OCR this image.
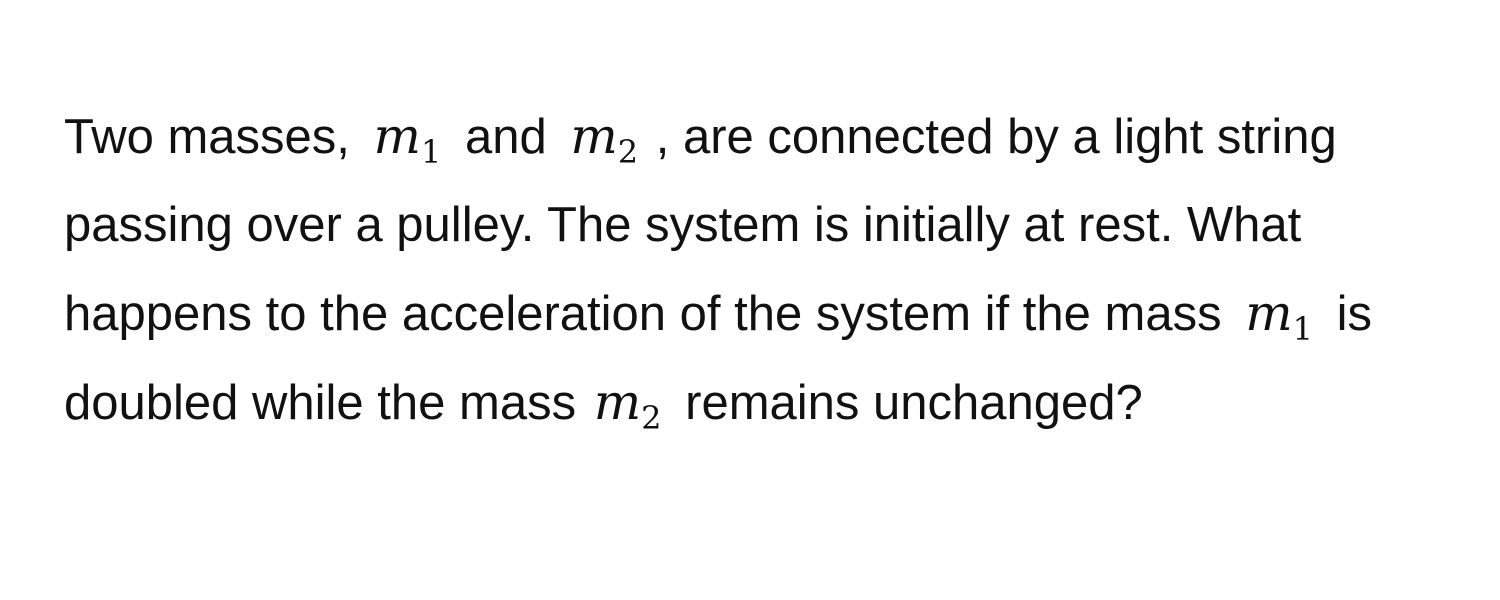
Two masses, $m_1$ and $m_2$ , are connected by a light string passing over a pulley. The system is initially at rest. What happens to the acceleration of the system if the mass $m_1$ is doubled while the mass $m_2$ remains unchanged?
